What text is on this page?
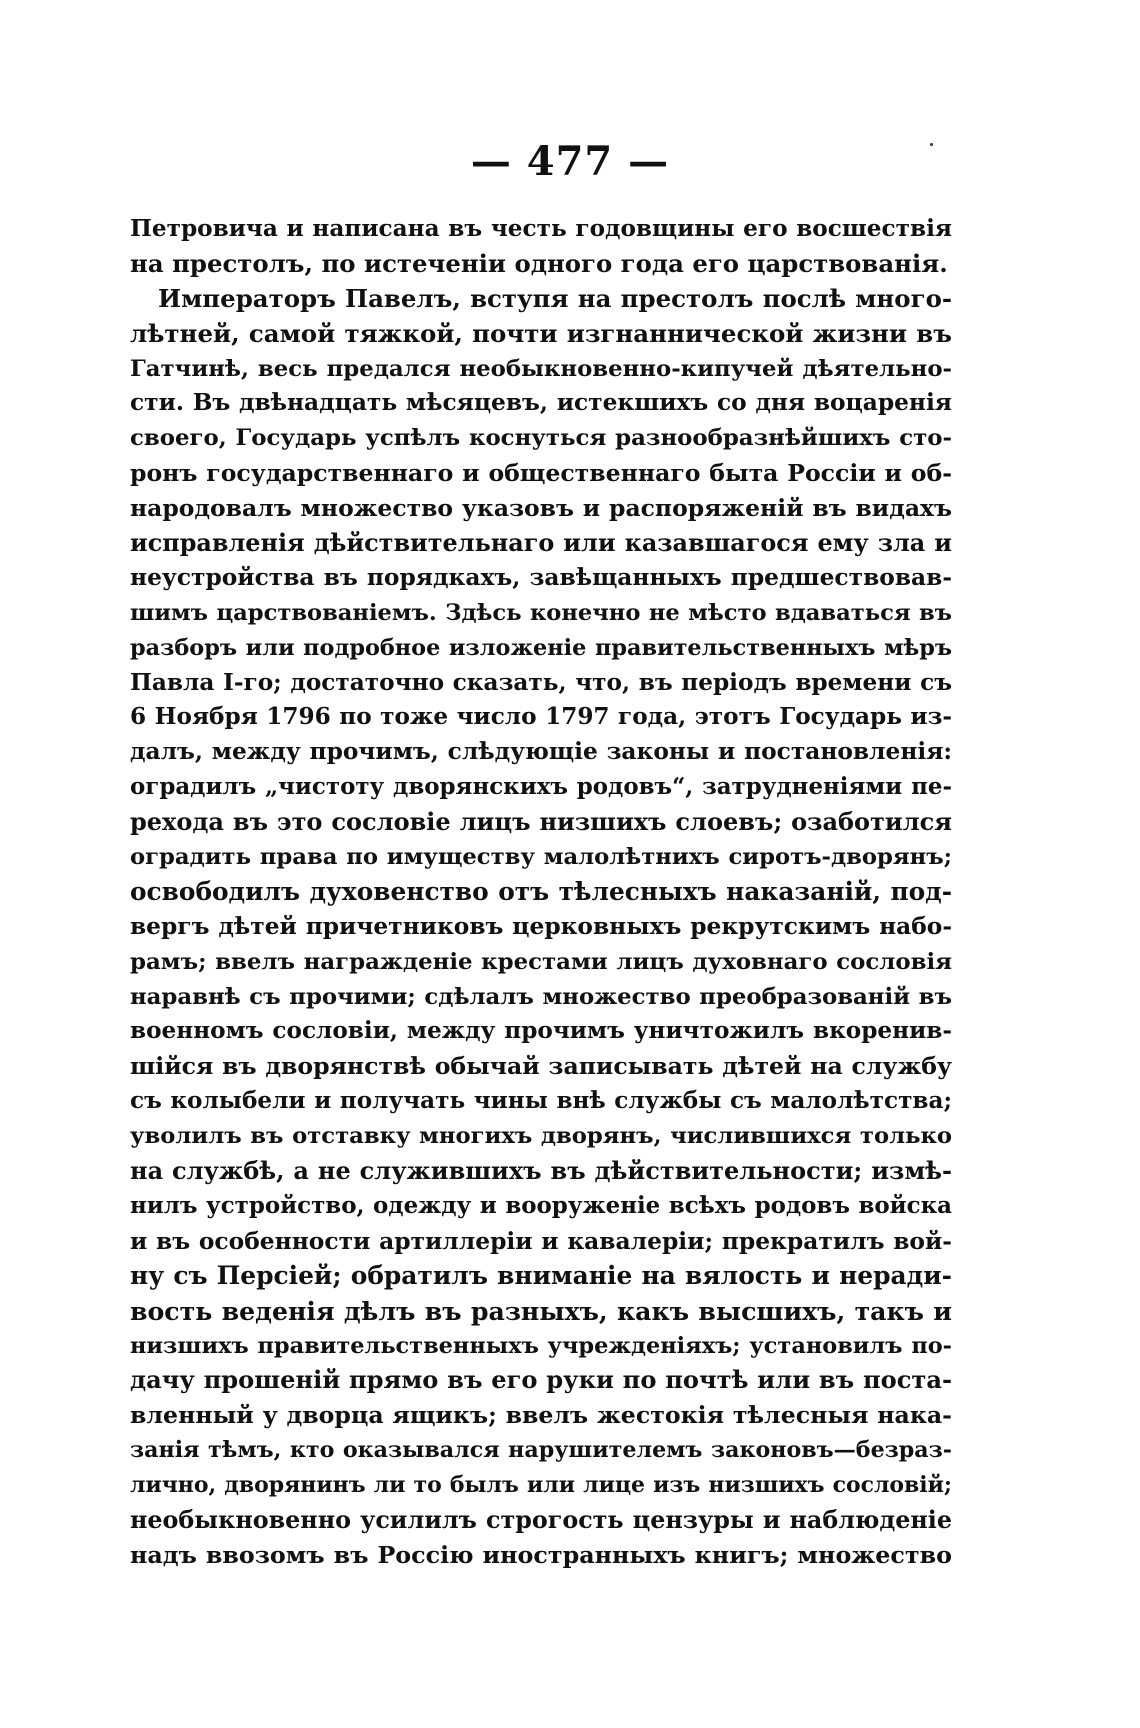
— 477 —
Петровича и написана въ честь годовщины его восшествія
на престолъ, по истеченіи одного года его царствованія.
Императоръ Павелъ, вступя на престолъ послѣ много-
лѣтней, самой тяжкой, почти изгнаннической жизни въ
Гатчинѣ, весь предался необыкновенно-кипучей дѣятельно-
сти. Въ двѣнадцать мѣсяцевъ, истекшихъ со дня воцаренія
своего, Государь успѣлъ коснуться разнообразнѣйшихъ сто-
ронъ государственнаго и общественнаго быта Россіи и об-
народовалъ множество указовъ и распоряженій въ видахъ
исправленія дѣйствительнаго или казавшагося ему зла и
неустройства въ порядкахъ, завѣщанныхъ предшествовав-
шимъ царствованіемъ. Здѣсь конечно не мѣсто вдаваться въ
разборъ или подробное изложеніе правительственныхъ мѣръ
Павла І-го; достаточно сказать, что, въ періодъ времени съ
6 Ноября 1796 по тоже число 1797 года, этотъ Государь из-
далъ, между прочимъ, слѣдующіе законы и постановленія:
оградилъ „чистоту дворянскихъ родовъ“, затрудненіями пе-
рехода въ это сословіе лицъ низшихъ слоевъ; озаботился
оградить права по имуществу малолѣтнихъ сиротъ-дворянъ;
освободилъ духовенство отъ тѣлесныхъ наказаній, под-
вергъ дѣтей причетниковъ церковныхъ рекрутскимъ набо-
рамъ; ввелъ награжденіе крестами лицъ духовнаго сословія
наравнѣ съ прочими; сдѣлалъ множество преобразованій въ
военномъ сословіи, между прочимъ уничтожилъ вкоренив-
шійся въ дворянствѣ обычай записывать дѣтей на службу
съ колыбели и получать чины внѣ службы съ малолѣтства;
уволилъ въ отставку многихъ дворянъ, числившихся только
на службѣ, а не служившихъ въ дѣйствительности; измѣ-
нилъ устройство, одежду и вооруженіе всѣхъ родовъ войска
и въ особенности артиллеріи и кавалеріи; прекратилъ вой-
ну съ Персіей; обратилъ вниманіе на вялость и неради-
вость веденія дѣлъ въ разныхъ, какъ высшихъ, такъ и
низшихъ правительственныхъ учрежденіяхъ; установилъ по-
дачу прошеній прямо въ его руки по почтѣ или въ поста-
вленный у дворца ящикъ; ввелъ жестокія тѣлесныя нака-
занія тѣмъ, кто оказывался нарушителемъ законовъ—безраз-
лично, дворянинъ ли то былъ или лице изъ низшихъ сословій;
необыкновенно усилилъ строгость цензуры и наблюденіе
надъ ввозомъ въ Россію иностранныхъ книгъ; множество
